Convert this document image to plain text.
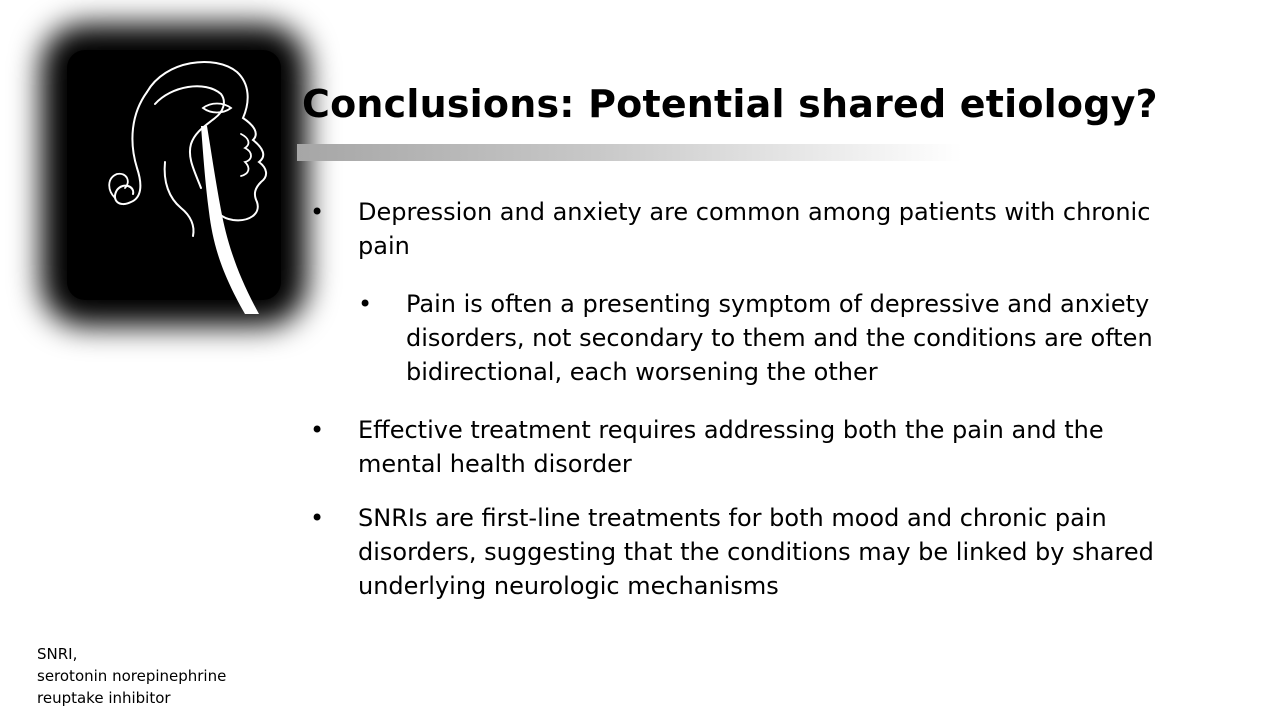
Conclusions: Potential shared etiology?
• Depression and anxiety are common among patients with chronic pain
• Pain is often a presenting symptom of depressive and anxiety disorders, not secondary to them and the conditions are often bidirectional, each worsening the other
• Effective treatment requires addressing both the pain and the mental health disorder
• SNRIs are first-line treatments for both mood and chronic pain disorders, suggesting that the conditions may be linked by shared underlying neurologic mechanisms
SNRI,
serotonin norepinephrine
reuptake inhibitor
